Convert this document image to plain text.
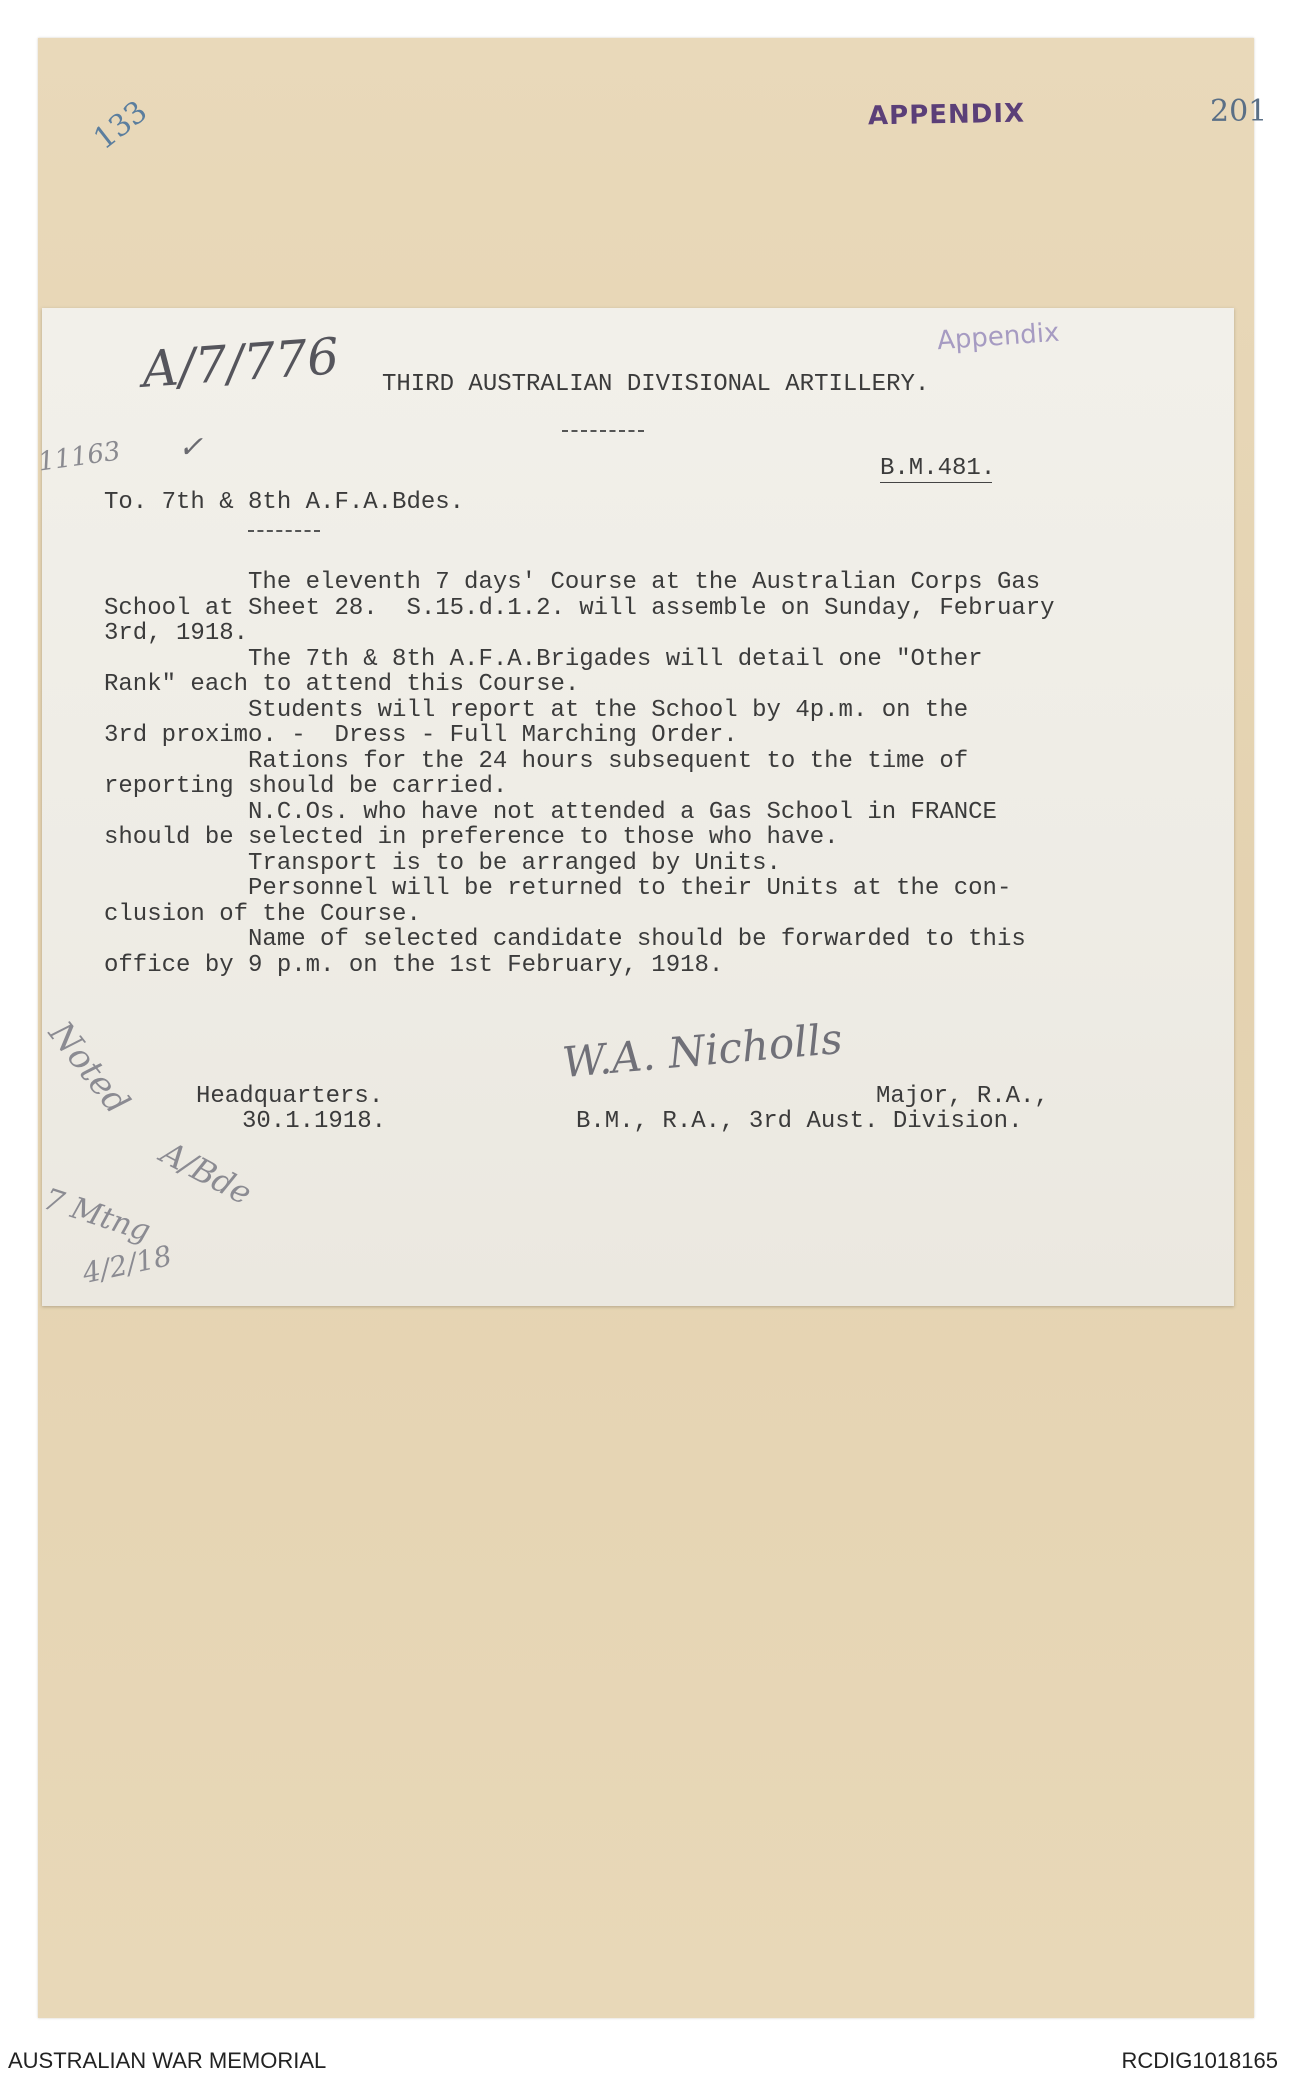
133	APPENDIX	201
A/7/776	Appendix

THIRD AUSTRALIAN DIVISIONAL ARTILLERY.

B.M.481.

11163 ✓

To. 7th & 8th A.F.A.Bdes.

The eleventh 7 days' Course at the Australian Corps Gas

School at Sheet 28.  S.15.d.1.2. will assemble on Sunday, February

3rd, 1918.

The 7th & 8th A.F.A.Brigades will detail one "Other

Rank" each to attend this Course.

Students will report at the School by 4p.m. on the

3rd proximo. -  Dress - Full Marching Order.

Rations for the 24 hours subsequent to the time of

reporting should be carried.

N.C.Os. who have not attended a Gas School in FRANCE

should be selected in preference to those who have.

Transport is to be arranged by Units.

Personnel will be returned to their Units at the con-

clusion of the Course.

Name of selected candidate should be forwarded to this

office by 9 p.m. on the 1st February, 1918.

W.A. Nicholls

Headquarters.

30.1.1918.

Major, R.A.,

B.M., R.A., 3rd Aust. Division.

Noted
A/Bde
7 Mtng
4/2/18
AUSTRALIAN WAR MEMORIAL	RCDIG1018165
